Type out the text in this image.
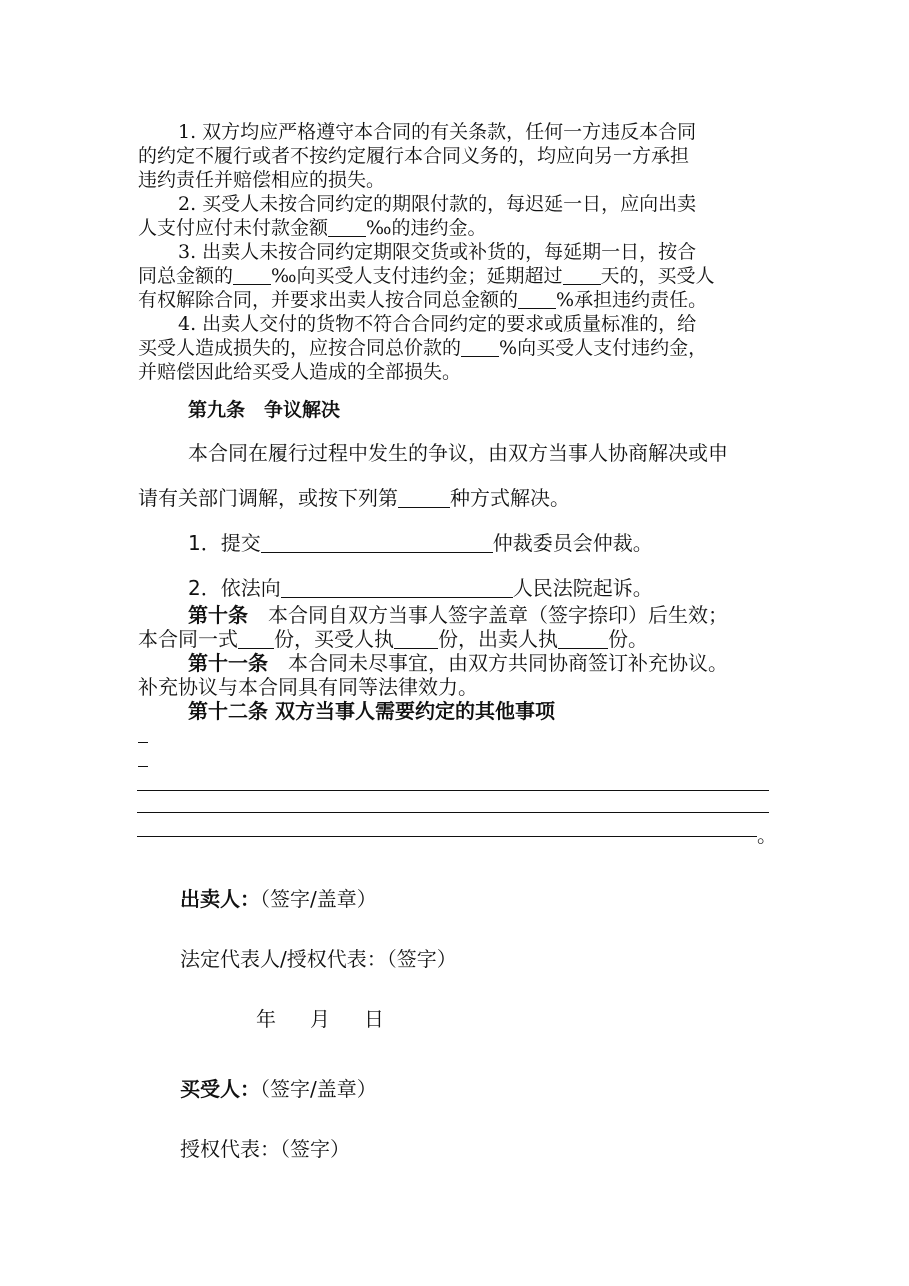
1. 双方均应严格遵守本合同的有关条款，任何一方违反本合同
的约定不履行或者不按约定履行本合同义务的，均应向另一方承担
违约责任并赔偿相应的损失。
2. 买受人未按合同约定的期限付款的，每迟延一日，应向出卖
人支付应付未付款金额 ‰的违约金。
3. 出卖人未按合同约定期限交货或补货的，每延期一日，按合
同总金额的 ‰向买受人支付违约金；延期超过 天的，买受人
有权解除合同，并要求出卖人按合同总金额的 %承担违约责任。
4. 出卖人交付的货物不符合合同约定的要求或质量标准的，给
买受人造成损失的，应按合同总价款的 %向买受人支付违约金，
并赔偿因此给买受人造成的全部损失。
第九条　争议解决
本合同在履行过程中发生的争议，由双方当事人协商解决或申
请有关部门调解，或按下列第	种方式解决。
1．提交	仲裁委员会仲裁。
2．依法向	人民法院起诉。
第十条　本合同自双方当事人签字盖章（签字捺印）后生效；
本合同一式 份，买受人执 份，出卖人执	份。
第十一条　本合同未尽事宜，由双方共同协商签订补充协议。
补充协议与本合同具有同等法律效力。
第十二条 双方当事人需要约定的其他事项
。
出卖人：（签字/盖章）
法定代表人/授权代表：（签字）
年 月 日
买受人：（签字/盖章）
授权代表：（签字）
